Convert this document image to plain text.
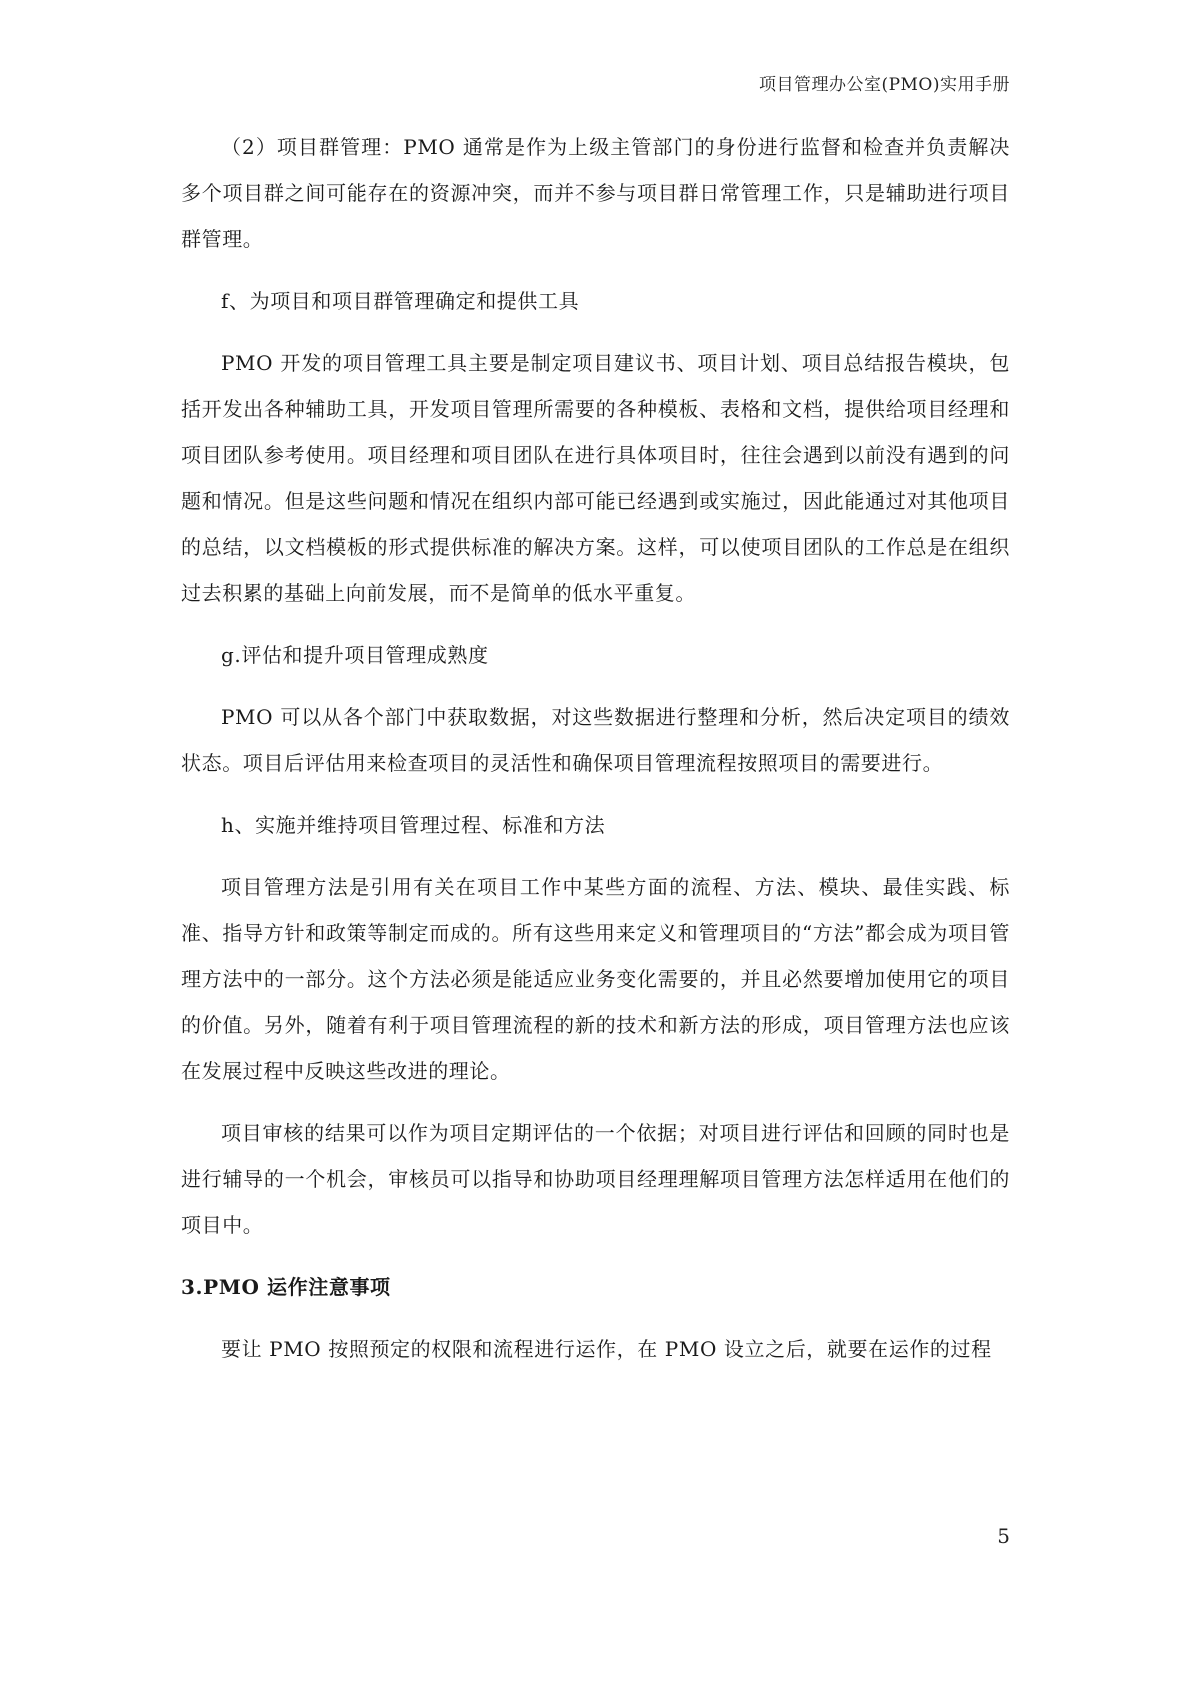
项目管理办公室(PMO)实用手册

（2）项目群管理：PMO 通常是作为上级主管部门的身份进行监督和检查并负责解决多个项目群之间可能存在的资源冲突，而并不参与项目群日常管理工作，只是辅助进行项目群管理。

f、为项目和项目群管理确定和提供工具

PMO 开发的项目管理工具主要是制定项目建议书、项目计划、项目总结报告模块，包括开发出各种辅助工具，开发项目管理所需要的各种模板、表格和文档，提供给项目经理和项目团队参考使用。项目经理和项目团队在进行具体项目时，往往会遇到以前没有遇到的问题和情况。但是这些问题和情况在组织内部可能已经遇到或实施过，因此能通过对其他项目的总结，以文档模板的形式提供标准的解决方案。这样，可以使项目团队的工作总是在组织过去积累的基础上向前发展，而不是简单的低水平重复。

g.评估和提升项目管理成熟度

PMO 可以从各个部门中获取数据，对这些数据进行整理和分析，然后决定项目的绩效状态。项目后评估用来检查项目的灵活性和确保项目管理流程按照项目的需要进行。

h、实施并维持项目管理过程、标准和方法

项目管理方法是引用有关在项目工作中某些方面的流程、方法、模块、最佳实践、标准、指导方针和政策等制定而成的。所有这些用来定义和管理项目的“方法”都会成为项目管理方法中的一部分。这个方法必须是能适应业务变化需要的，并且必然要增加使用它的项目的价值。另外，随着有利于项目管理流程的新的技术和新方法的形成，项目管理方法也应该在发展过程中反映这些改进的理论。

项目审核的结果可以作为项目定期评估的一个依据；对项目进行评估和回顾的同时也是进行辅导的一个机会，审核员可以指导和协助项目经理理解项目管理方法怎样适用在他们的项目中。

3.PMO 运作注意事项

要让 PMO 按照预定的权限和流程进行运作，在 PMO 设立之后，就要在运作的过程

5
